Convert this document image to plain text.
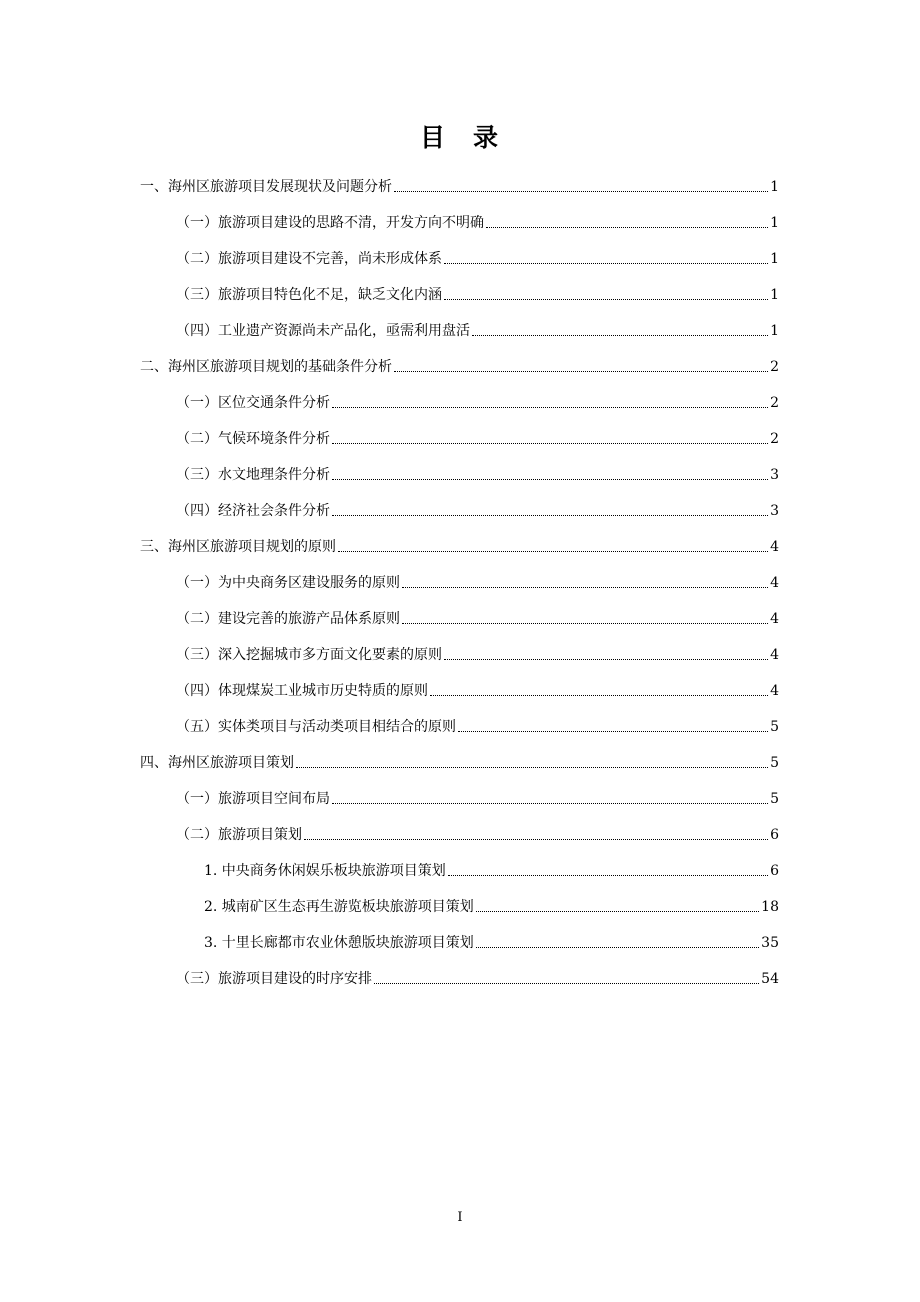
目 录
一、海州区旅游项目发展现状及问题分析	1
（一）旅游项目建设的思路不清，开发方向不明确	1
（二）旅游项目建设不完善，尚未形成体系	1
（三）旅游项目特色化不足，缺乏文化内涵	1
（四）工业遗产资源尚未产品化，亟需利用盘活	1
二、海州区旅游项目规划的基础条件分析	2
（一）区位交通条件分析	2
（二）气候环境条件分析	2
（三）水文地理条件分析	3
（四）经济社会条件分析	3
三、海州区旅游项目规划的原则	4
（一）为中央商务区建设服务的原则	4
（二）建设完善的旅游产品体系原则	4
（三）深入挖掘城市多方面文化要素的原则	4
（四）体现煤炭工业城市历史特质的原则	4
（五）实体类项目与活动类项目相结合的原则	5
四、海州区旅游项目策划	5
（一）旅游项目空间布局	5
（二）旅游项目策划	6
1. 中央商务休闲娱乐板块旅游项目策划	6
2. 城南矿区生态再生游览板块旅游项目策划	18
3. 十里长廊都市农业休憩版块旅游项目策划	35
（三）旅游项目建设的时序安排	54
I
